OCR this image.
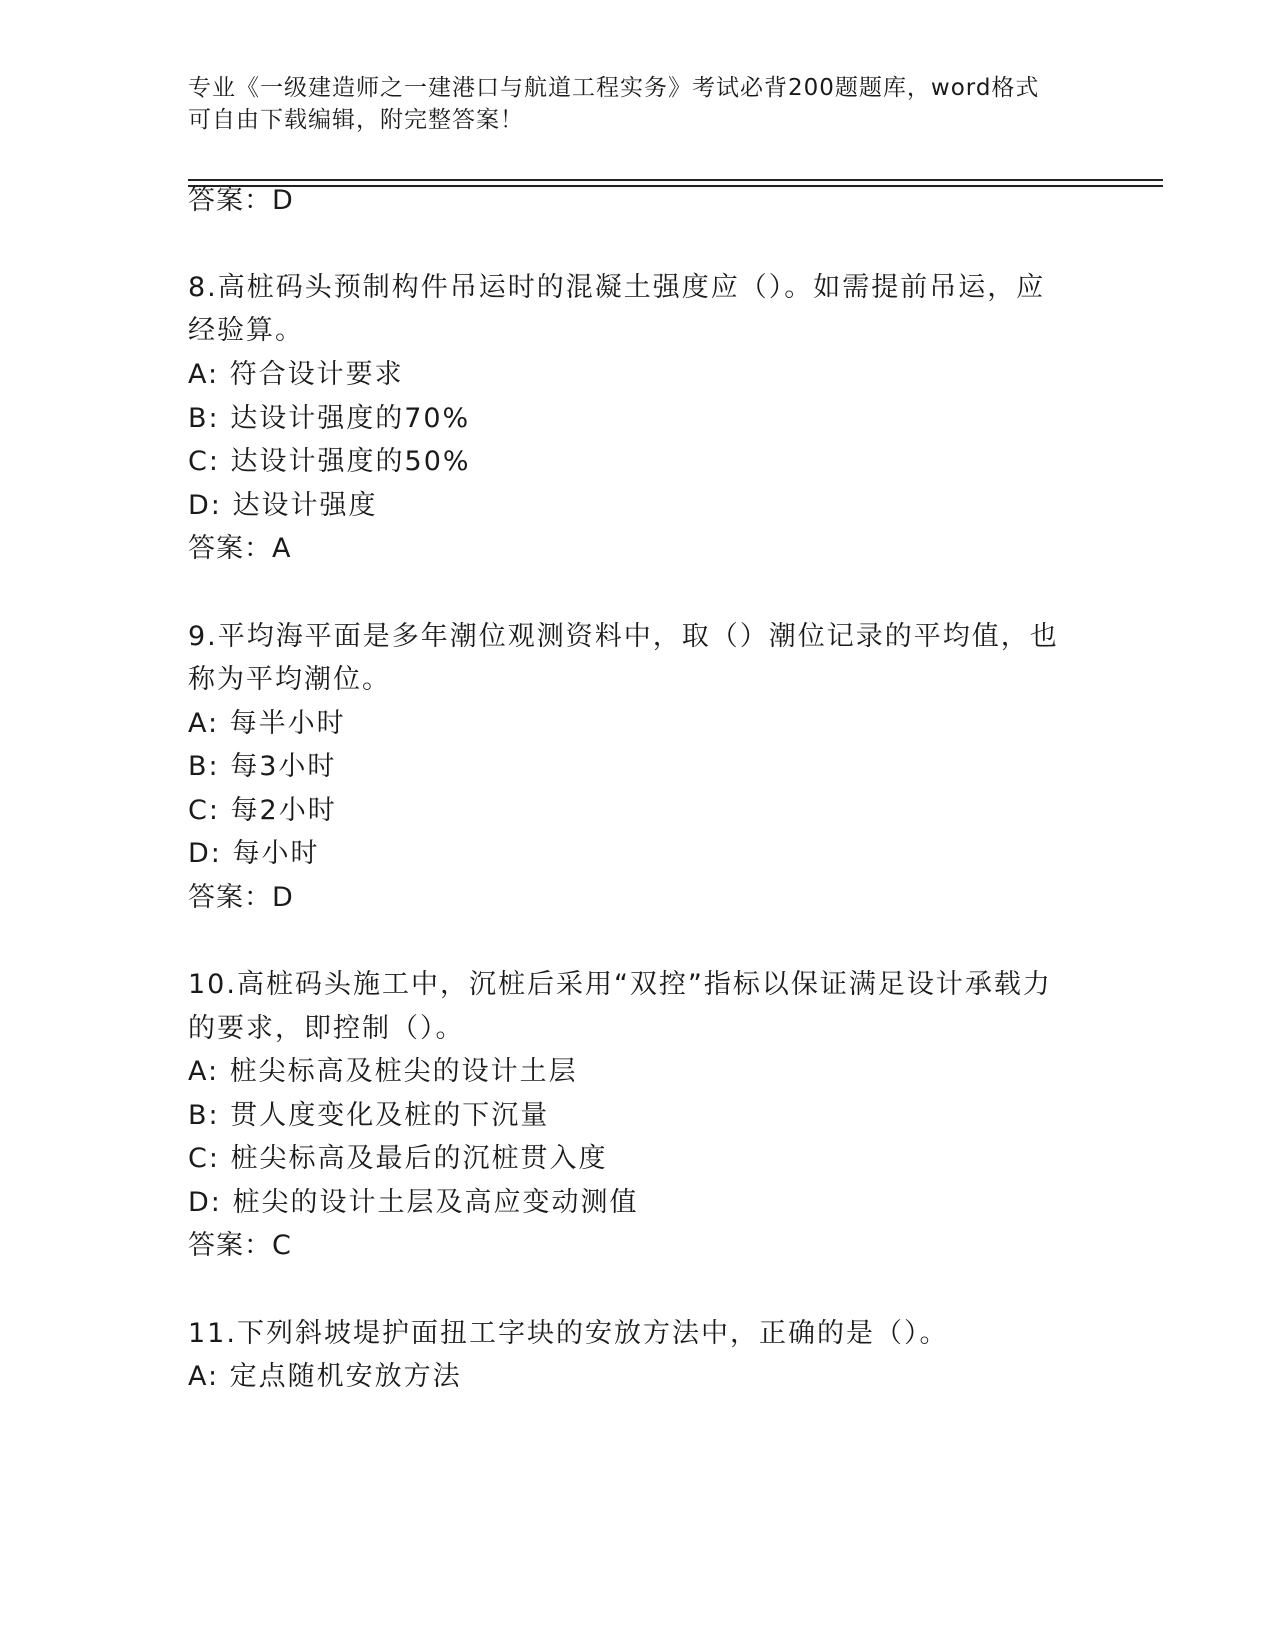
专业《一级建造师之一建港口与航道工程实务》考试必背200题题库，word格式
可自由下载编辑，附完整答案！
答案：D
8.高桩码头预制构件吊运时的混凝土强度应（）。如需提前吊运，应
经验算。
A: 符合设计要求
B: 达设计强度的70%
C: 达设计强度的50%
D: 达设计强度
答案：A
9.平均海平面是多年潮位观测资料中，取（）潮位记录的平均值，也
称为平均潮位。
A: 每半小时
B: 每3小时
C: 每2小时
D: 每小时
答案：D
10.高桩码头施工中，沉桩后采用“双控”指标以保证满足设计承载力
的要求，即控制（）。
A: 桩尖标高及桩尖的设计土层
B: 贯人度变化及桩的下沉量
C: 桩尖标高及最后的沉桩贯入度
D: 桩尖的设计土层及高应变动测值
答案：C
11.下列斜坡堤护面扭工字块的安放方法中，正确的是（）。
A: 定点随机安放方法
